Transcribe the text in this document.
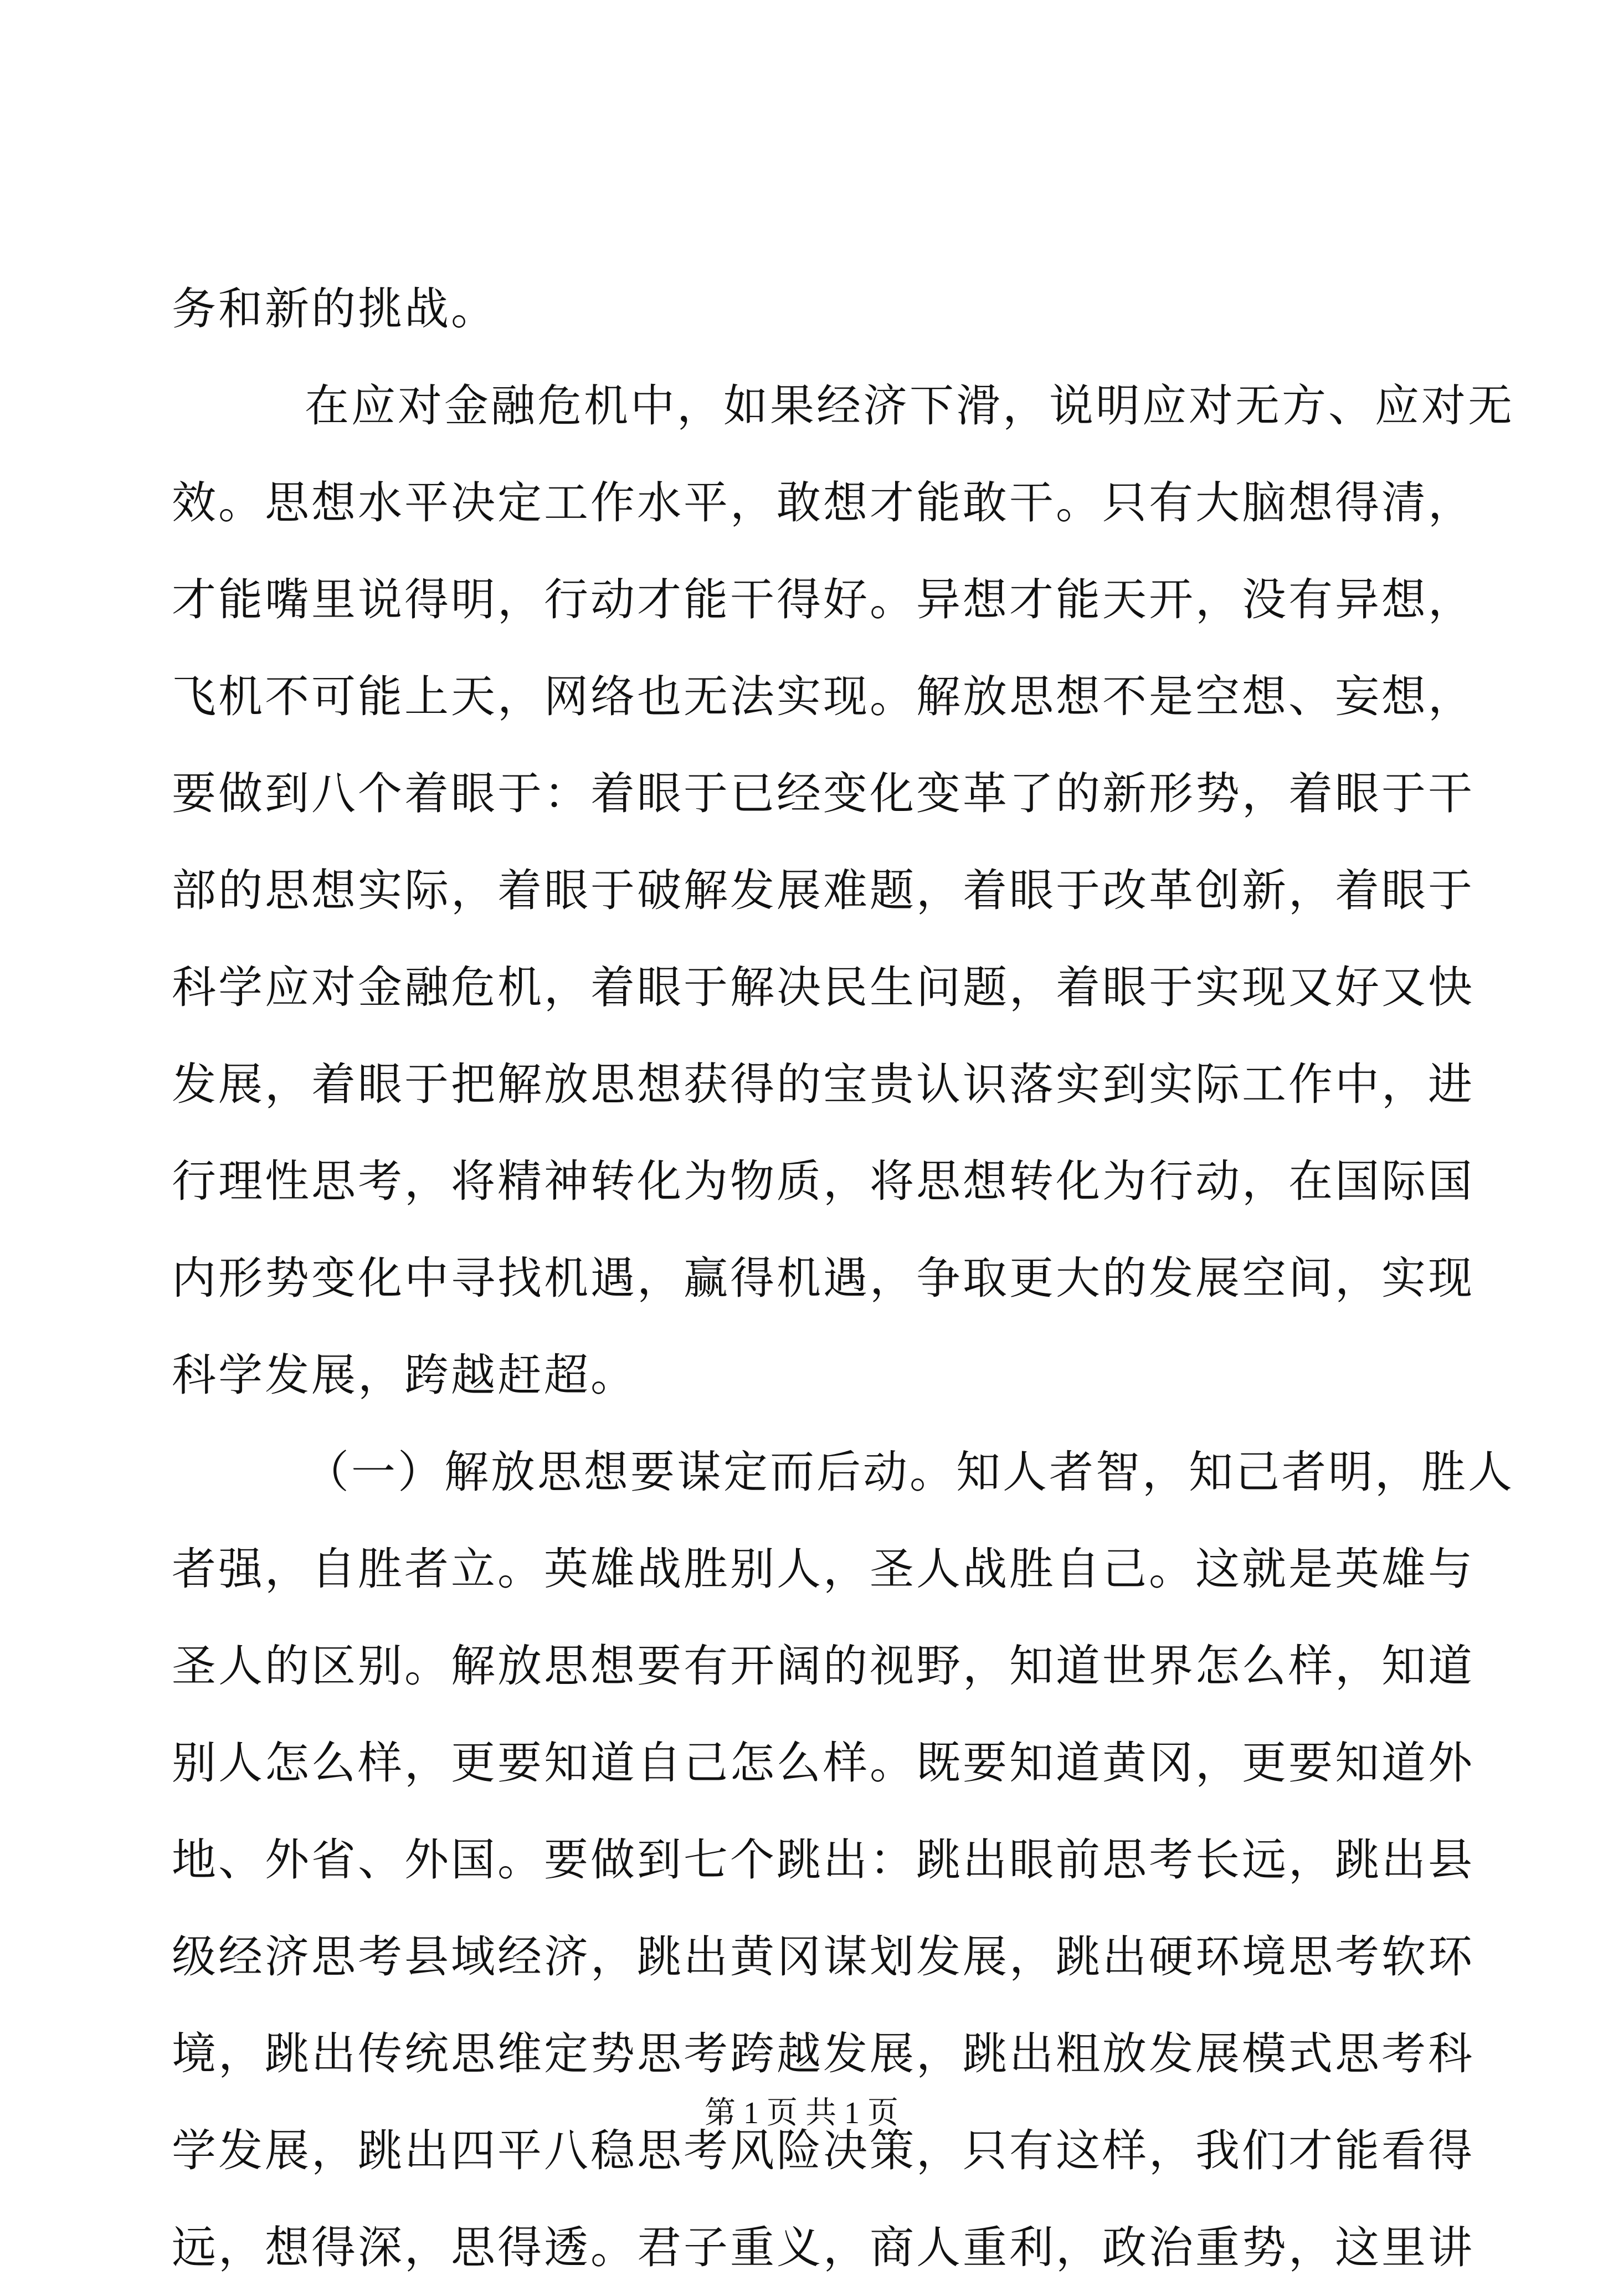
务和新的挑战。
在应对金融危机中，如果经济下滑，说明应对无方、应对无
效。思想水平决定工作水平，敢想才能敢干。只有大脑想得清，
才能嘴里说得明，行动才能干得好。异想才能天开，没有异想，
飞机不可能上天，网络也无法实现。解放思想不是空想、妄想，
要做到八个着眼于：着眼于已经变化变革了的新形势，着眼于干
部的思想实际，着眼于破解发展难题，着眼于改革创新，着眼于
科学应对金融危机，着眼于解决民生问题，着眼于实现又好又快
发展，着眼于把解放思想获得的宝贵认识落实到实际工作中，进
行理性思考，将精神转化为物质，将思想转化为行动，在国际国
内形势变化中寻找机遇，赢得机遇，争取更大的发展空间，实现
科学发展，跨越赶超。
（一）解放思想要谋定而后动。知人者智，知己者明，胜人
者强，自胜者立。英雄战胜别人，圣人战胜自己。这就是英雄与
圣人的区别。解放思想要有开阔的视野，知道世界怎么样，知道
别人怎么样，更要知道自己怎么样。既要知道黄冈，更要知道外
地、外省、外国。要做到七个跳出：跳出眼前思考长远，跳出县
级经济思考县域经济，跳出黄冈谋划发展，跳出硬环境思考软环
境，跳出传统思维定势思考跨越发展，跳出粗放发展模式思考科
学发展，跳出四平八稳思考风险决策，只有这样，我们才能看得
远，想得深，思得透。君子重义，商人重利，政治重势，这里讲
第 1 页 共 1 页
